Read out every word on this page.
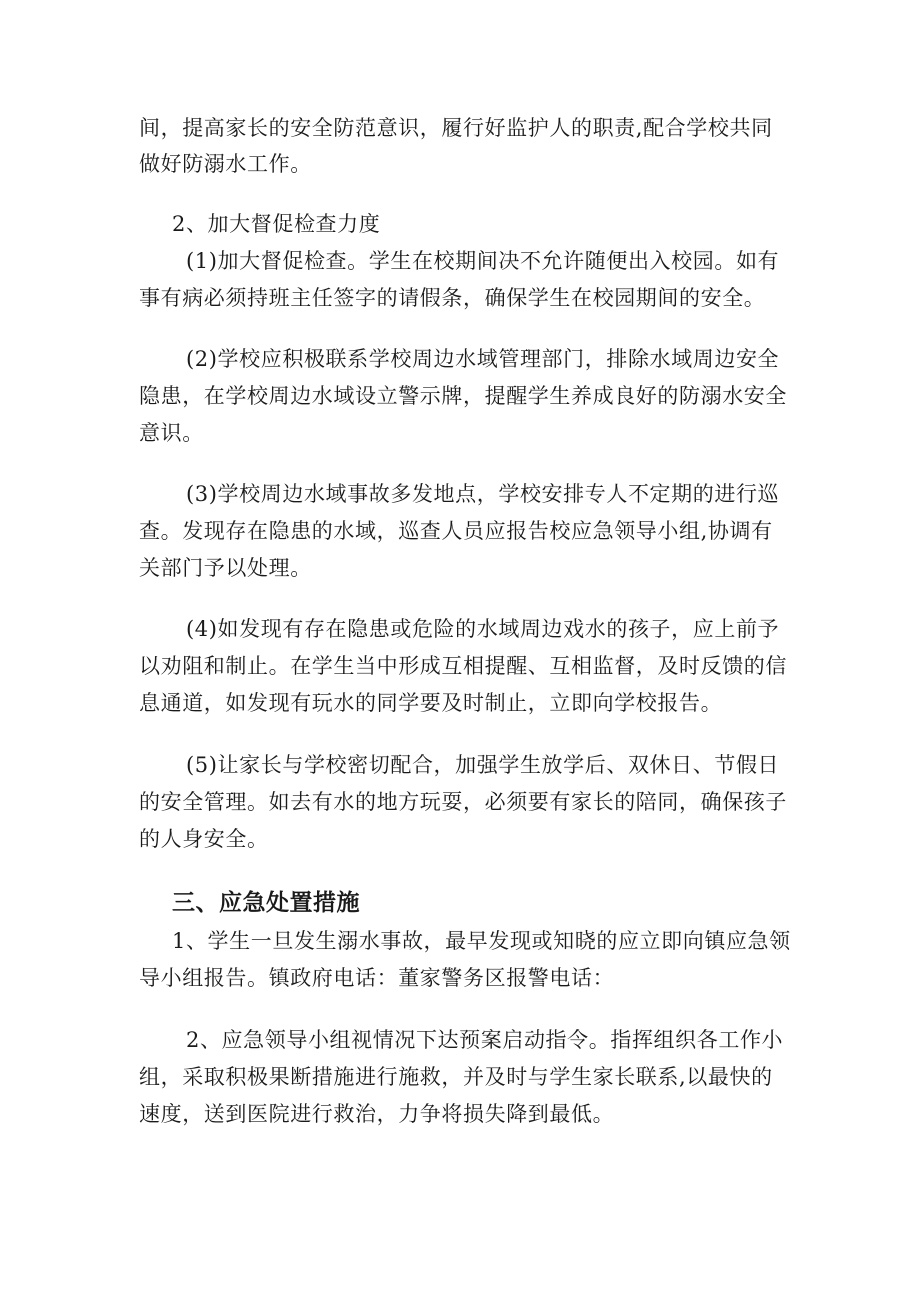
间，提高家长的安全防范意识，履行好监护人的职责,配合学校共同
做好防溺水工作。
2、加大督促检查力度
(1)加大督促检查。学生在校期间决不允许随便出入校园。如有
事有病必须持班主任签字的请假条，确保学生在校园期间的安全。
(2)学校应积极联系学校周边水域管理部门，排除水域周边安全
隐患，在学校周边水域设立警示牌，提醒学生养成良好的防溺水安全
意识。
(3)学校周边水域事故多发地点，学校安排专人不定期的进行巡
查。发现存在隐患的水域，巡查人员应报告校应急领导小组,协调有
关部门予以处理。
(4)如发现有存在隐患或危险的水域周边戏水的孩子，应上前予
以劝阻和制止。在学生当中形成互相提醒、互相监督，及时反馈的信
息通道，如发现有玩水的同学要及时制止，立即向学校报告。
(5)让家长与学校密切配合，加强学生放学后、双休日、节假日
的安全管理。如去有水的地方玩耍，必须要有家长的陪同，确保孩子
的人身安全。
三、应急处置措施
1、学生一旦发生溺水事故，最早发现或知晓的应立即向镇应急领
导小组报告。镇政府电话：董家警务区报警电话：
2、应急领导小组视情况下达预案启动指令。指挥组织各工作小
组，采取积极果断措施进行施救，并及时与学生家长联系,以最快的
速度，送到医院进行救治，力争将损失降到最低。
